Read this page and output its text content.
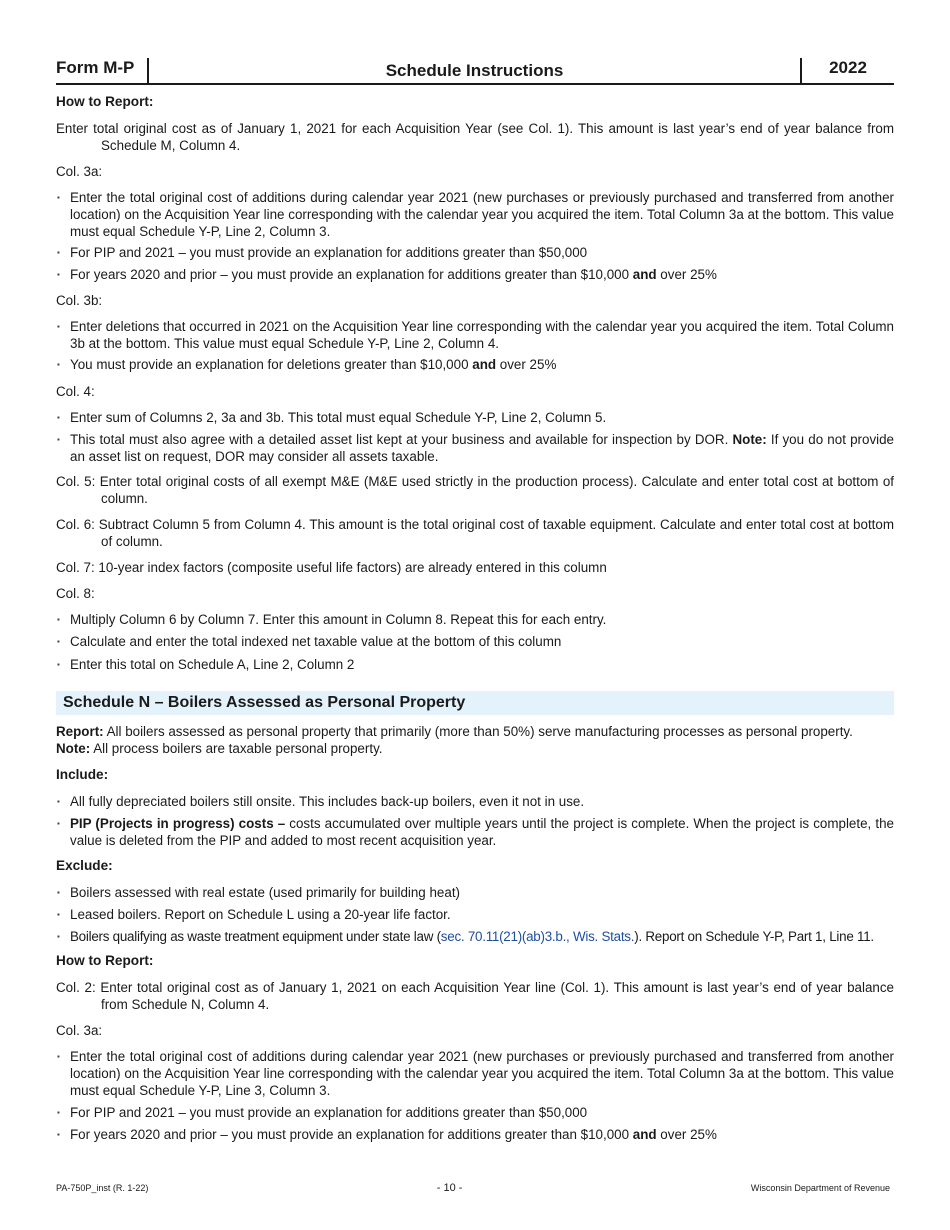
Form M-P	Schedule Instructions	2022
How to Report:
Enter total original cost as of January 1, 2021 for each Acquisition Year (see Col. 1). This amount is last year’s end of year balance from Schedule M, Column 4.
Col. 3a:
▪ Enter the total original cost of additions during calendar year 2021 (new purchases or previously purchased and transferred from another location) on the Acquisition Year line corresponding with the calendar year you acquired the item. Total Column 3a at the bottom. This value must equal Schedule Y-P, Line 2, Column 3.
▪ For PIP and 2021 – you must provide an explanation for additions greater than $50,000
▪ For years 2020 and prior – you must provide an explanation for additions greater than $10,000 and over 25%
Col. 3b:
▪ Enter deletions that occurred in 2021 on the Acquisition Year line corresponding with the calendar year you acquired the item. Total Column 3b at the bottom. This value must equal Schedule Y-P, Line 2, Column 4.
▪ You must provide an explanation for deletions greater than $10,000 and over 25%
Col. 4:
▪ Enter sum of Columns 2, 3a and 3b. This total must equal Schedule Y-P, Line 2, Column 5.
▪ This total must also agree with a detailed asset list kept at your business and available for inspection by DOR. Note: If you do not provide an asset list on request, DOR may consider all assets taxable.
Col. 5: Enter total original costs of all exempt M&E (M&E used strictly in the production process). Calculate and enter total cost at bottom of column.
Col. 6: Subtract Column 5 from Column 4. This amount is the total original cost of taxable equipment. Calculate and enter total cost at bottom of column.
Col. 7: 10-year index factors (composite useful life factors) are already entered in this column
Col. 8:
▪ Multiply Column 6 by Column 7. Enter this amount in Column 8. Repeat this for each entry.
▪ Calculate and enter the total indexed net taxable value at the bottom of this column
▪ Enter this total on Schedule A, Line 2, Column 2
Schedule N – Boilers Assessed as Personal Property
Report: All boilers assessed as personal property that primarily (more than 50%) serve manufacturing processes as personal property.
Note: All process boilers are taxable personal property.
Include:
▪ All fully depreciated boilers still onsite. This includes back-up boilers, even it not in use.
▪ PIP (Projects in progress) costs – costs accumulated over multiple years until the project is complete. When the project is complete, the value is deleted from the PIP and added to most recent acquisition year.
Exclude:
▪ Boilers assessed with real estate (used primarily for building heat)
▪ Leased boilers. Report on Schedule L using a 20-year life factor.
▪ Boilers qualifying as waste treatment equipment under state law (sec. 70.11(21)(ab)3.b., Wis. Stats.). Report on Schedule Y-P, Part 1, Line 11.
How to Report:
Col. 2: Enter total original cost as of January 1, 2021 on each Acquisition Year line (Col. 1). This amount is last year’s end of year balance from Schedule N, Column 4.
Col. 3a:
▪ Enter the total original cost of additions during calendar year 2021 (new purchases or previously purchased and transferred from another location) on the Acquisition Year line corresponding with the calendar year you acquired the item. Total Column 3a at the bottom. This value must equal Schedule Y-P, Line 3, Column 3.
▪ For PIP and 2021 – you must provide an explanation for additions greater than $50,000
▪ For years 2020 and prior – you must provide an explanation for additions greater than $10,000 and over 25%
PA-750P_inst (R. 1-22)	- 10 -	Wisconsin Department of Revenue
